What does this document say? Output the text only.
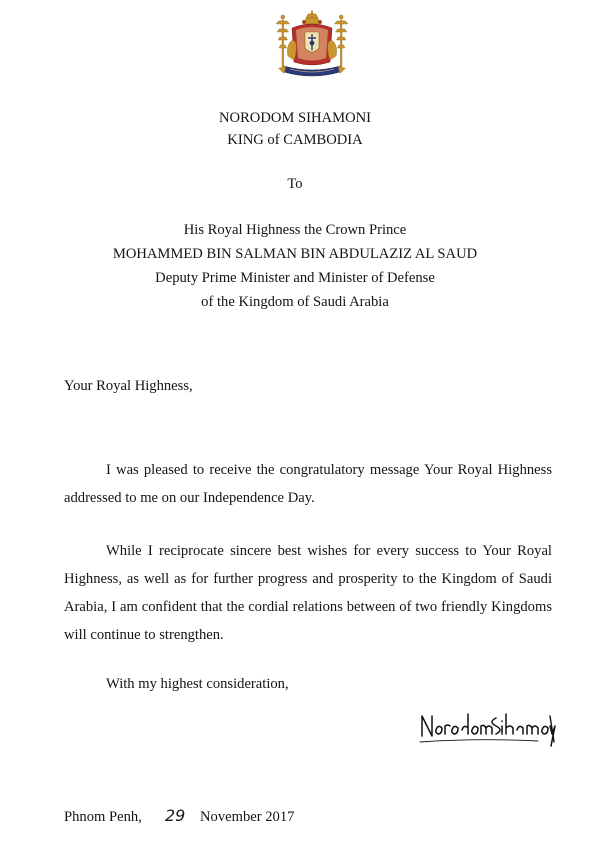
NORODOM SIHAMONI
KING of CAMBODIA
To
His Royal Highness the Crown Prince
MOHAMMED BIN SALMAN BIN ABDULAZIZ AL SAUD
Deputy Prime Minister and Minister of Defense
of the Kingdom of Saudi Arabia
Your Royal Highness,
I was pleased to receive the congratulatory message Your Royal Highness addressed to me on our Independence Day.
While I reciprocate sincere best wishes for every success to Your Royal Highness, as well as for further progress and prosperity to the Kingdom of Saudi Arabia, I am confident that the cordial relations between of two friendly Kingdoms will continue to strengthen.
With my highest consideration,
Phnom Penh, 29 November 2017
